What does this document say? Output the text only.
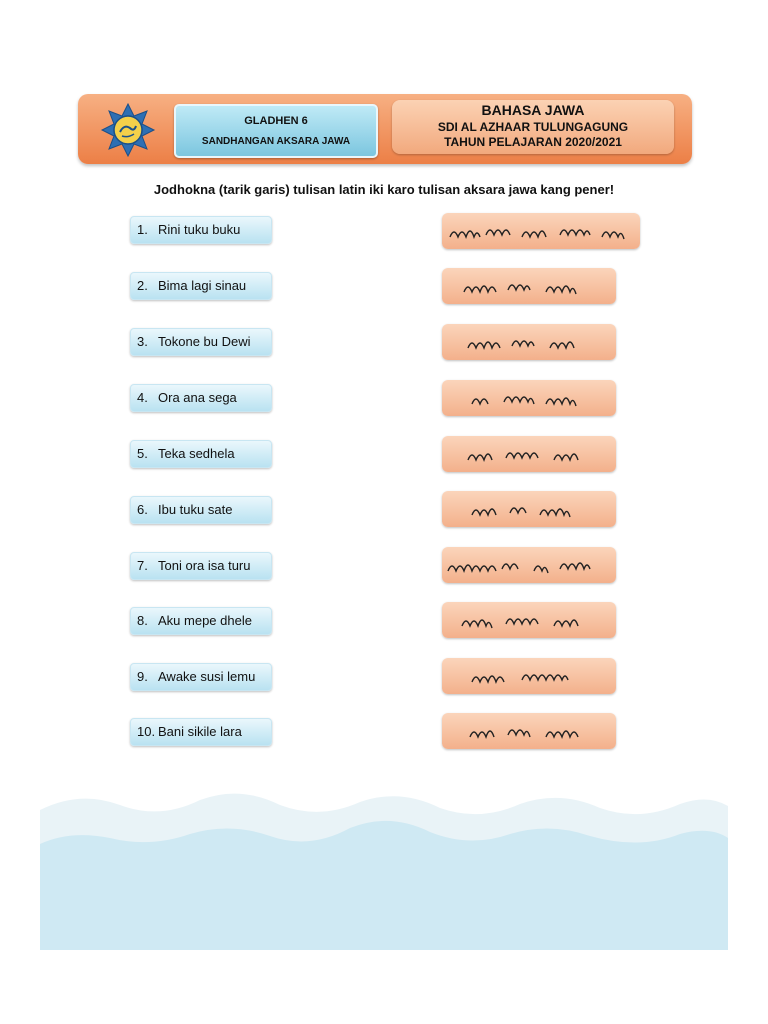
GLADHEN 6
SANDHANGAN AKSARA JAWA
BAHASA JAWA
SDI AL AZHAAR TULUNGAGUNG
TAHUN PELAJARAN 2020/2021
Jodhokna (tarik garis) tulisan latin iki karo tulisan aksara jawa kang pener!
1. Rini tuku buku
2. Bima lagi sinau
3. Tokone bu Dewi
4. Ora ana sega
5. Teka sedhela
6. Ibu tuku sate
7. Toni ora isa turu
8. Aku mepe dhele
9. Awake susi lemu
10. Bani sikile lara
